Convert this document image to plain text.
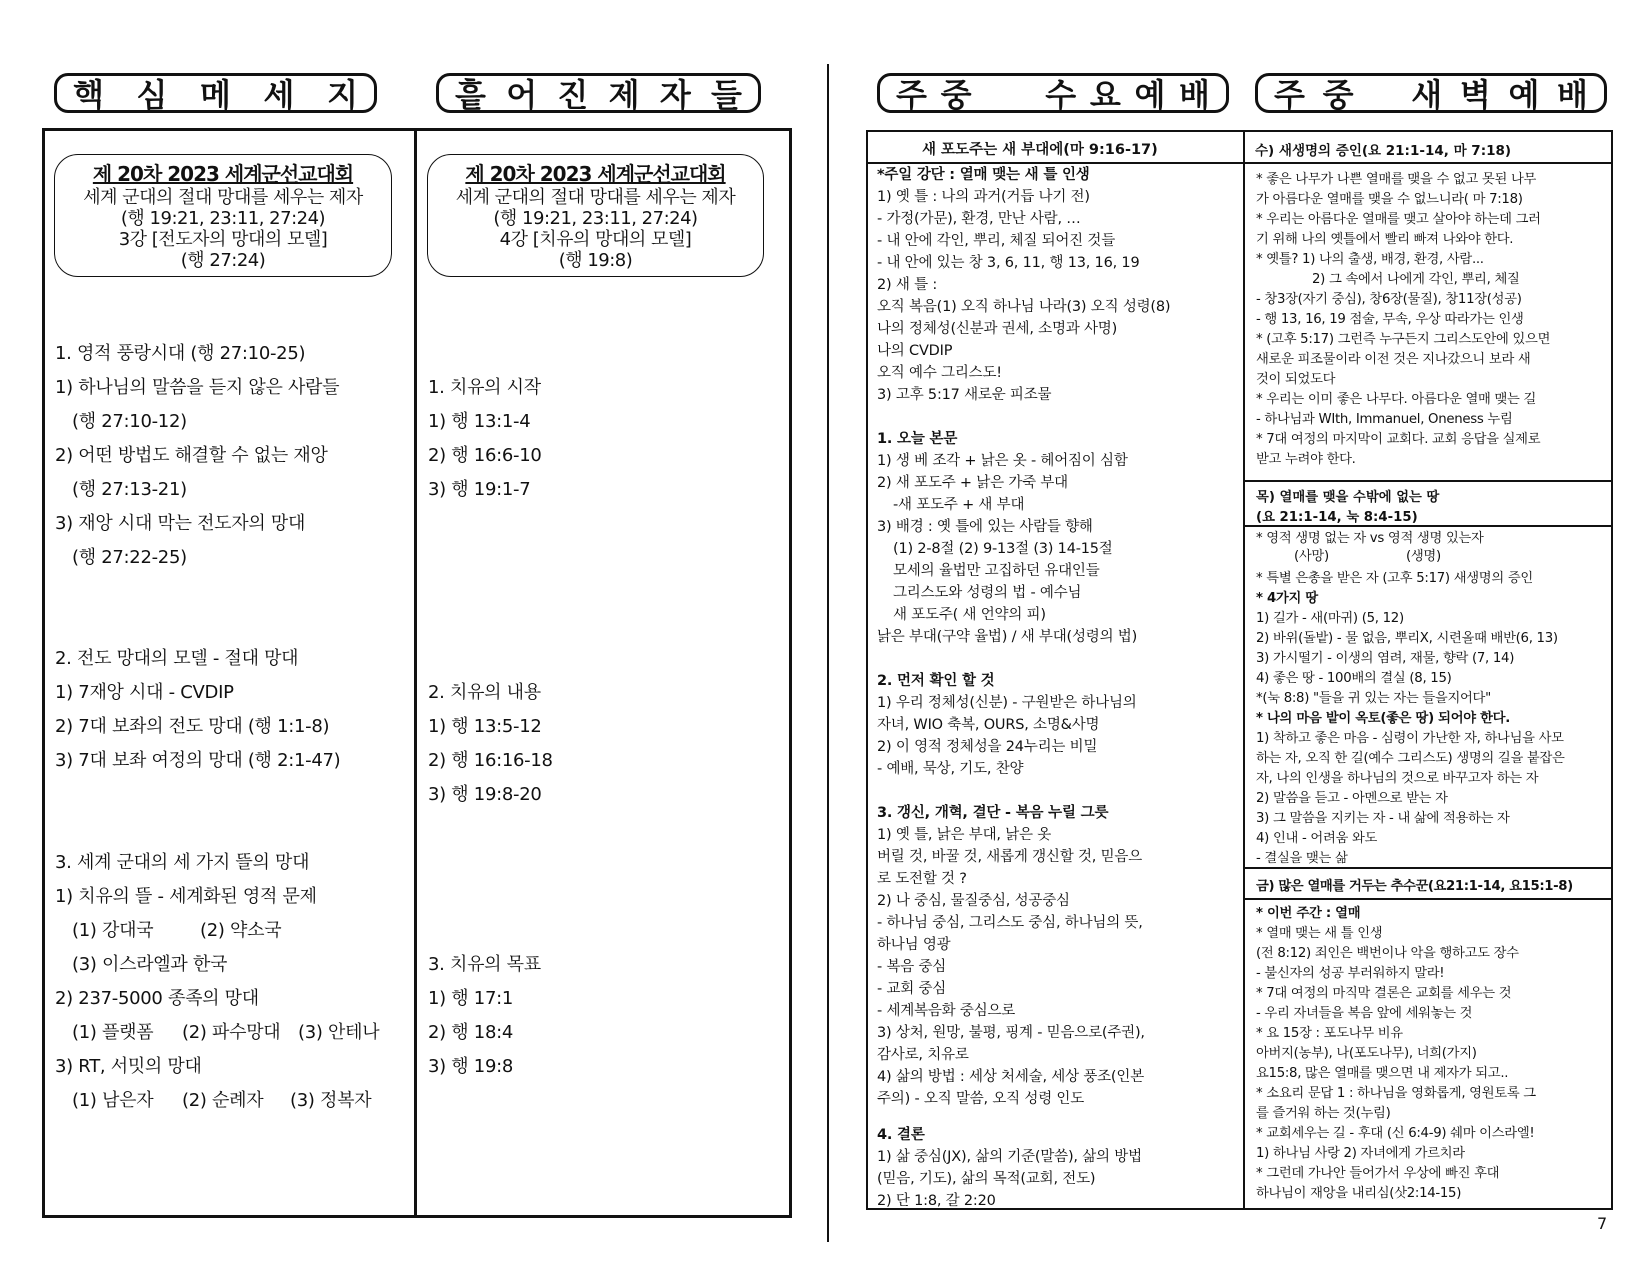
핵 심 메 세 지	흩 어 진 제 자 들
제 20차 2023 세계군선교대회
세계 군대의 절대 망대를 세우는 제자
(행 19:21, 23:11, 27:24)
3강 [전도자의 망대의 모델]
(행 27:24)
1. 영적 풍랑시대 (행 27:10-25)
1) 하나님의 말씀을 듣지 않은 사람들
(행 27:10-12)
2) 어떤 방법도 해결할 수 없는 재앙
(행 27:13-21)
3) 재앙 시대 막는 전도자의 망대
(행 27:22-25)
2. 전도 망대의 모델 - 절대 망대
1) 7재앙 시대 - CVDIP
2) 7대 보좌의 전도 망대 (행 1:1-8)
3) 7대 보좌 여정의 망대 (행 2:1-47)
3. 세계 군대의 세 가지 뜰의 망대
1) 치유의 뜰 - 세계화된 영적 문제
(1) 강대국	(2) 약소국
(3) 이스라엘과 한국
2) 237-5000 종족의 망대
(1) 플랫폼 (2) 파수망대 (3) 안테나
3) RT, 서밋의 망대
(1) 남은자 (2) 순례자 (3) 정복자
제 20차 2023 세계군선교대회
세계 군대의 절대 망대를 세우는 제자
(행 19:21, 23:11, 27:24)
4강 [치유의 망대의 모델]
(행 19:8)
1. 치유의 시작
1) 행 13:1-4
2) 행 16:6-10
3) 행 19:1-7
2. 치유의 내용
1) 행 13:5-12
2) 행 16:16-18
3) 행 19:8-20
3. 치유의 목표
1) 행 17:1
2) 행 18:4
3) 행 19:8
주 중 수 요 예 배 주 중 새 벽 예 배
새 포도주는 새 부대에(마 9:16-17)
*주일 강단 : 열매 맺는 새 틀 인생
1) 옛 틀 : 나의 과거(거듭 나기 전)
- 가정(가문), 환경, 만난 사람, …
- 내 안에 각인, 뿌리, 체질 되어진 것들
- 내 안에 있는 창 3, 6, 11, 행 13, 16, 19
2) 새 틀 :
오직 복음(1) 오직 하나님 나라(3) 오직 성령(8)
나의 정체성(신분과 권세, 소명과 사명)
나의 CVDIP
오직 예수 그리스도!
3) 고후 5:17 새로운 피조물
1. 오늘 본문
1) 생 베 조각 + 낡은 옷 - 헤어짐이 심함
2) 새 포도주 + 낡은 가죽 부대
-새 포도주 + 새 부대
3) 배경 : 옛 틀에 있는 사람들 향해
(1) 2-8절 (2) 9-13절 (3) 14-15절
모세의 율법만 고집하던 유대인들
그리스도와 성령의 법 - 예수님
새 포도주( 새 언약의 피)
낡은 부대(구약 율법) / 새 부대(성령의 법)
2. 먼저 확인 할 것
1) 우리 정체성(신분) - 구원받은 하나님의
자녀, WIO 축복, OURS, 소명&사명
2) 이 영적 정체성을 24누리는 비밀
- 예배, 묵상, 기도, 찬양
3. 갱신, 개혁, 결단 - 복음 누릴 그릇
1) 옛 틀, 낡은 부대, 낡은 옷
버릴 것, 바꿀 것, 새롭게 갱신할 것, 믿음으
로 도전할 것 ?
2) 나 중심, 물질중심, 성공중심
- 하나님 중심, 그리스도 중심, 하나님의 뜻,
하나님 영광
- 복음 중심
- 교회 중심
- 세계복음화 중심으로
3) 상처, 원망, 불평, 핑계 - 믿음으로(주권),
감사로, 치유로
4) 삶의 방법 : 세상 처세술, 세상 풍조(인본
주의) - 오직 말씀, 오직 성령 인도
4. 결론
1) 삶 중심(JX), 삶의 기준(말씀), 삶의 방법
(믿음, 기도), 삶의 목적(교회, 전도)
2) 단 1:8, 갈 2:20
수) 새생명의 증인(요 21:1-14, 마 7:18)
* 좋은 나무가 나쁜 열매를 맺을 수 없고 못된 나무
가 아름다운 열매를 맺을 수 없느니라( 마 7:18)
* 우리는 아름다운 열매를 맺고 살아야 하는데 그러
기 위해 나의 옛틀에서 빨리 빠져 나와야 한다.
* 옛틀? 1) 나의 출생, 배경, 환경, 사람...
2) 그 속에서 나에게 각인, 뿌리, 체질
- 창3장(자기 중심), 창6장(물질), 창11장(성공)
- 행 13, 16, 19 점술, 무속, 우상 따라가는 인생
* (고후 5:17) 그런즉 누구든지 그리스도안에 있으면
새로운 피조물이라 이전 것은 지나갔으니 보라 새
것이 되었도다
* 우리는 이미 좋은 나무다. 아름다운 열매 맺는 길
- 하나님과 WIth, Immanuel, Oneness 누림
* 7대 여정의 마지막이 교회다. 교회 응답을 실제로
받고 누려야 한다.
목) 열매를 맺을 수밖에 없는 땅
(요 21:1-14, 눅 8:4-15)
* 영적 생명 없는 자 vs 영적 생명 있는자
(사망)	(생명)
* 특별 은총을 받은 자 (고후 5:17) 새생명의 증인
* 4가지 땅
1) 길가 - 새(마귀) (5, 12)
2) 바위(돌밭) - 물 없음, 뿌리X, 시련올때 배반(6, 13)
3) 가시떨기 - 이생의 염려, 재물, 향락 (7, 14)
4) 좋은 땅 - 100배의 결실 (8, 15)
*(눅 8:8) "들을 귀 있는 자는 들을지어다"
* 나의 마음 밭이 옥토(좋은 땅) 되어야 한다.
1) 착하고 좋은 마음 - 심령이 가난한 자, 하나님을 사모
하는 자, 오직 한 길(예수 그리스도) 생명의 길을 붙잡은
자, 나의 인생을 하나님의 것으로 바꾸고자 하는 자
2) 말씀을 듣고 - 아멘으로 받는 자
3) 그 말씀을 지키는 자 - 내 삶에 적용하는 자
4) 인내 - 어려움 와도
- 결실을 맺는 삶
금) 많은 열매를 거두는 추수꾼(요21:1-14, 요15:1-8)
* 이번 주간 : 열매
* 열매 맺는 새 틀 인생
(전 8:12) 죄인은 백번이나 악을 행하고도 장수
- 불신자의 성공 부러워하지 말라!
* 7대 여정의 마직막 결론은 교회를 세우는 것
- 우리 자녀들을 복음 앞에 세워놓는 것
* 요 15장 : 포도나무 비유
아버지(농부), 나(포도나무), 너희(가지)
요15:8, 많은 열매를 맺으면 내 제자가 되고..
* 소요리 문답 1 : 하나님을 영화롭게, 영원토록 그
를 즐거워 하는 것(누림)
* 교회세우는 길 - 후대 (신 6:4-9) 쉐마 이스라엘!
1) 하나님 사랑 2) 자녀에게 가르치라
* 그런데 가나안 들어가서 우상에 빠진 후대
하나님이 재앙을 내리심(삿2:14-15)
7
